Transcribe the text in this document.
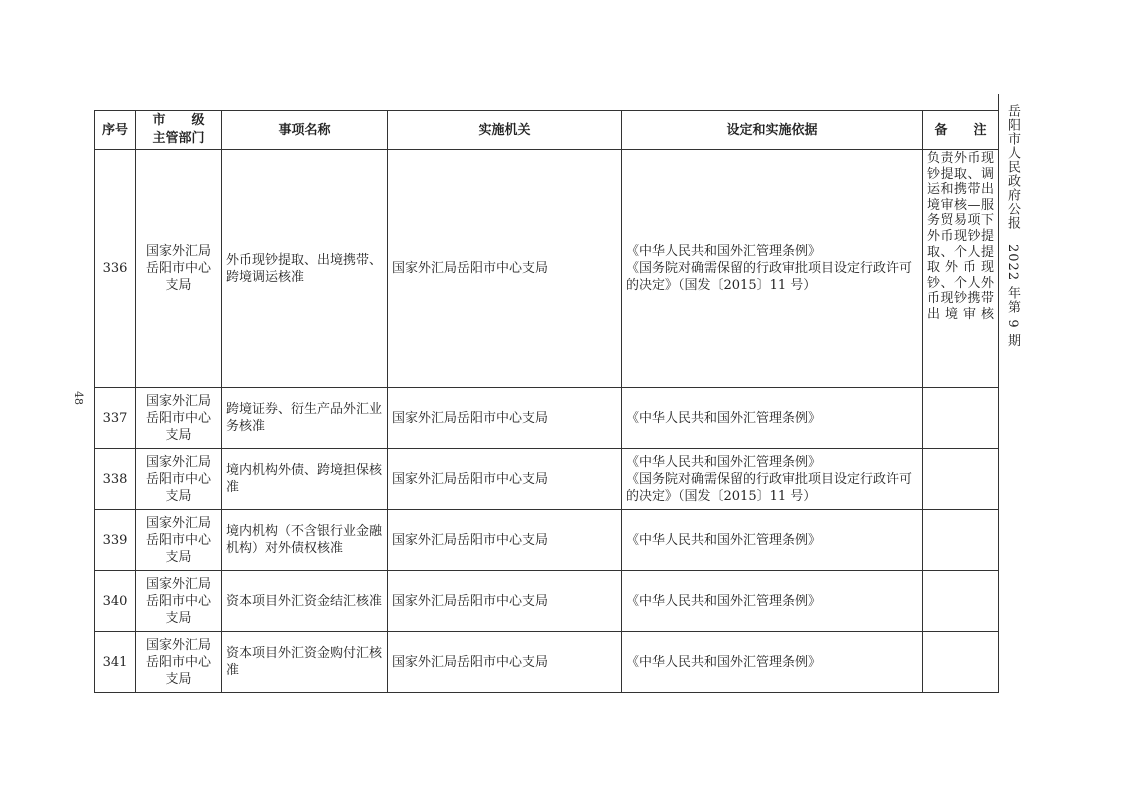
48
岳阳市人民政府公报2022 年第 9 期
序号	市　　级
主管部门	事项名称	实施机关	设定和实施依据	备　　注
336	国家外汇局
岳阳市中心
支局	外币现钞提取、出境携带、跨境调运核准	国家外汇局岳阳市中心支局	《中华人民共和国外汇管理条例》
《国务院对确需保留的行政审批项目设定行政许可的决定》（国发〔2015〕11 号）	负责外币现钞提取、调运和携带出境审核—服务贸易项下外币现钞提取、个人提取外币现钞、个人外币现钞携带出境审核
337	国家外汇局
岳阳市中心
支局	跨境证券、衍生产品外汇业务核准	国家外汇局岳阳市中心支局	《中华人民共和国外汇管理条例》	

338	国家外汇局
岳阳市中心
支局	境内机构外债、跨境担保核准	国家外汇局岳阳市中心支局	《中华人民共和国外汇管理条例》
《国务院对确需保留的行政审批项目设定行政许可的决定》（国发〔2015〕11 号）	

339	国家外汇局
岳阳市中心
支局	境内机构（不含银行业金融机构）对外债权核准	国家外汇局岳阳市中心支局	《中华人民共和国外汇管理条例》	

340	国家外汇局
岳阳市中心
支局	资本项目外汇资金结汇核准	国家外汇局岳阳市中心支局	《中华人民共和国外汇管理条例》	

341	国家外汇局
岳阳市中心
支局	资本项目外汇资金购付汇核准	国家外汇局岳阳市中心支局	《中华人民共和国外汇管理条例》	
